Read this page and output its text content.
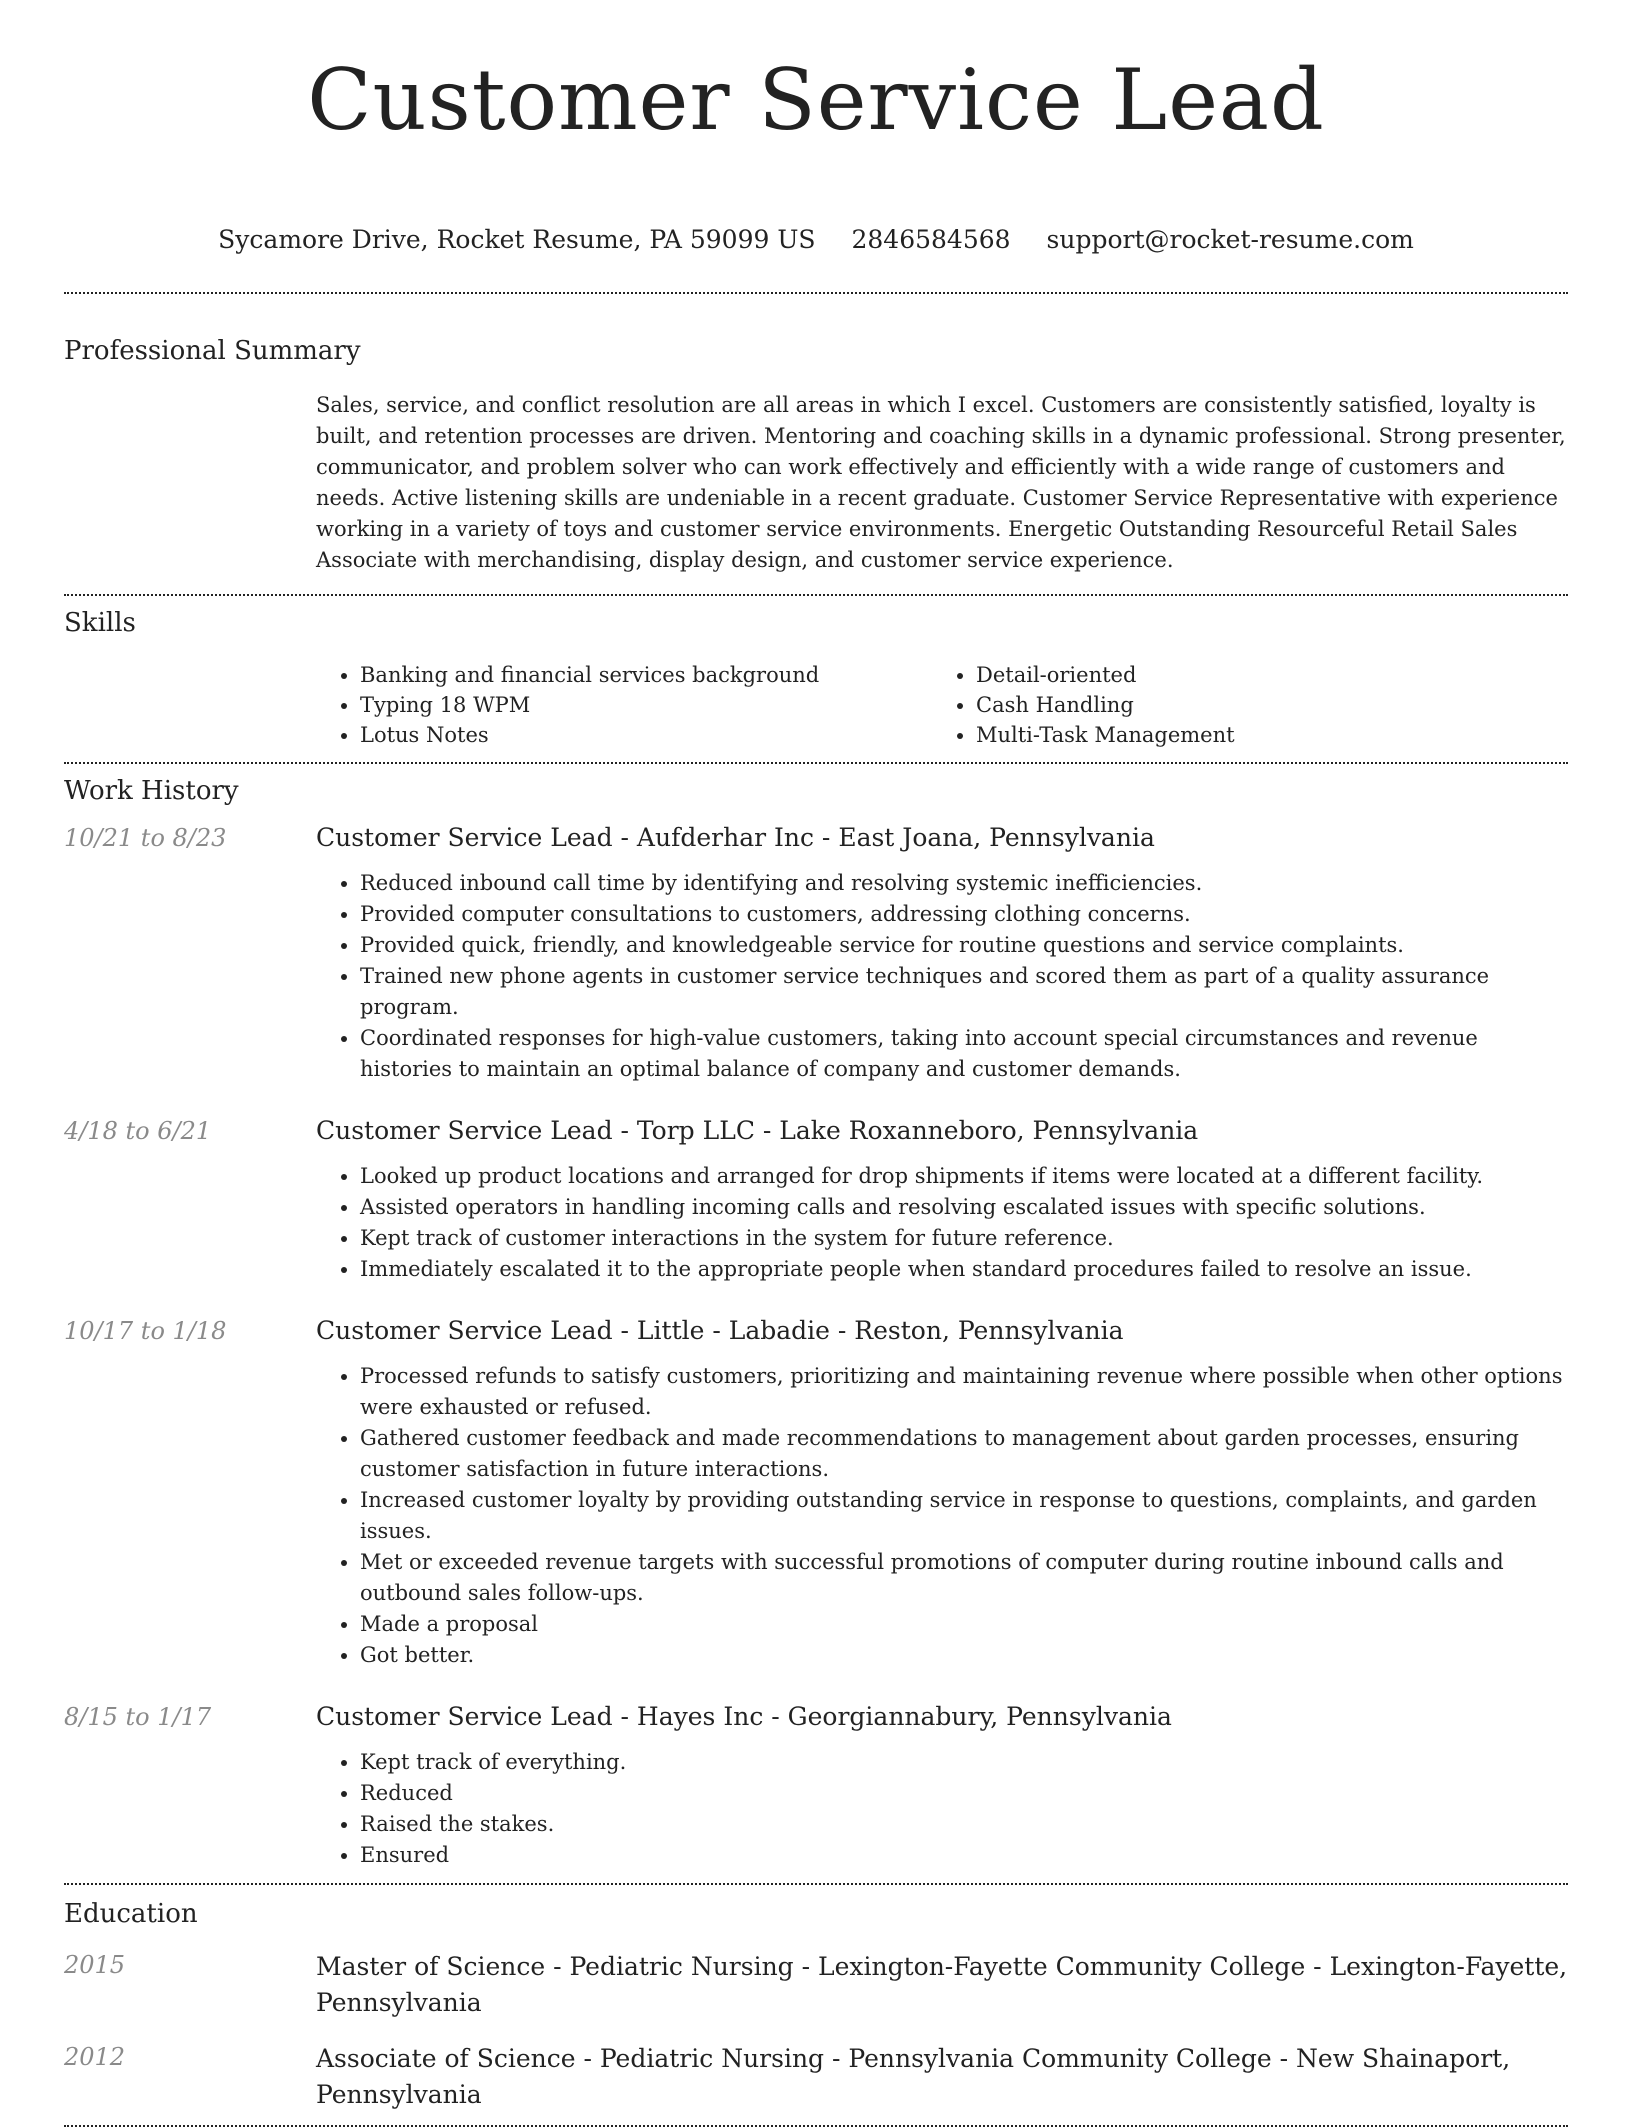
Customer Service Lead
Sycamore Drive, Rocket Resume, PA 59099 US 2846584568 support@rocket-resume.com
Professional Summary
Sales, service, and conflict resolution are all areas in which I excel. Customers are consistently satisfied, loyalty is built, and retention processes are driven. Mentoring and coaching skills in a dynamic professional. Strong presenter, communicator, and problem solver who can work effectively and efficiently with a wide range of customers and needs. Active listening skills are undeniable in a recent graduate. Customer Service Representative with experience working in a variety of toys and customer service environments. Energetic Outstanding Resourceful Retail Sales Associate with merchandising, display design, and customer service experience.
Skills
• Banking and financial services background
• Typing 18 WPM
• Lotus Notes
• Detail-oriented
• Cash Handling
• Multi-Task Management
Work History
10/21 to 8/23	Customer Service Lead - Aufderhar Inc - East Joana, Pennsylvania
• Reduced inbound call time by identifying and resolving systemic inefficiencies.
• Provided computer consultations to customers, addressing clothing concerns.
• Provided quick, friendly, and knowledgeable service for routine questions and service complaints.
• Trained new phone agents in customer service techniques and scored them as part of a quality assurance program.
• Coordinated responses for high-value customers, taking into account special circumstances and revenue histories to maintain an optimal balance of company and customer demands.
4/18 to 6/21	Customer Service Lead - Torp LLC - Lake Roxanneboro, Pennsylvania
• Looked up product locations and arranged for drop shipments if items were located at a different facility.
• Assisted operators in handling incoming calls and resolving escalated issues with specific solutions.
• Kept track of customer interactions in the system for future reference.
• Immediately escalated it to the appropriate people when standard procedures failed to resolve an issue.
10/17 to 1/18	Customer Service Lead - Little - Labadie - Reston, Pennsylvania
• Processed refunds to satisfy customers, prioritizing and maintaining revenue where possible when other options were exhausted or refused.
• Gathered customer feedback and made recommendations to management about garden processes, ensuring customer satisfaction in future interactions.
• Increased customer loyalty by providing outstanding service in response to questions, complaints, and garden issues.
• Met or exceeded revenue targets with successful promotions of computer during routine inbound calls and outbound sales follow-ups.
• Made a proposal
• Got better.
8/15 to 1/17	Customer Service Lead - Hayes Inc - Georgiannabury, Pennsylvania
• Kept track of everything.
• Reduced
• Raised the stakes.
• Ensured
Education
2015	Master of Science - Pediatric Nursing - Lexington-Fayette Community College - Lexington-Fayette, Pennsylvania
2012	Associate of Science - Pediatric Nursing - Pennsylvania Community College - New Shainaport, Pennsylvania
